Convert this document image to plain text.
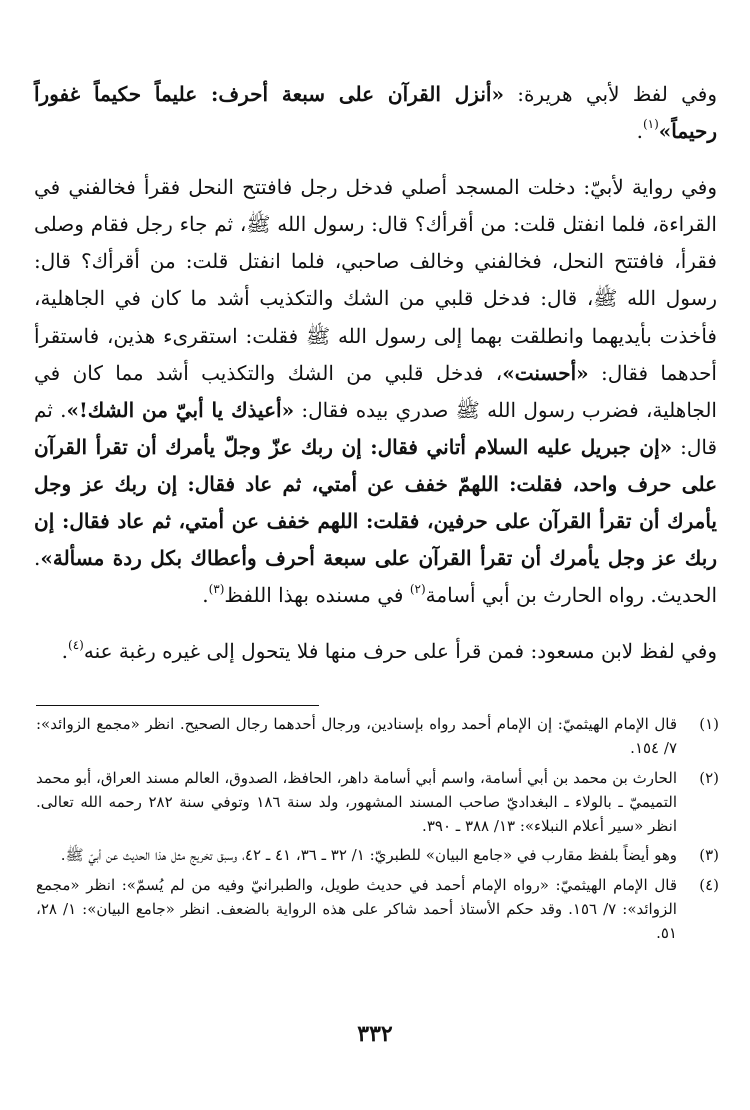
وفي لفظ لأبي هريرة: «أنزل القرآن على سبعة أحرف: عليماً حكيماً غفوراً رحيماً»$^{(١)}$.

وفي رواية لأبيّ: دخلت المسجد أصلي فدخل رجل فافتتح النحل فقرأ فخالفني في القراءة، فلما انفتل قلت: من أقرأك؟ قال: رسول الله ﷺ، ثم جاء رجل فقام وصلى فقرأ، فافتتح النحل، فخالفني وخالف صاحبي، فلما انفتل قلت: من أقرأك؟ قال: رسول الله ﷺ، قال: فدخل قلبي من الشك والتكذيب أشد ما كان في الجاهلية، فأخذت بأيديهما وانطلقت بهما إلى رسول الله ﷺ فقلت: استقرىء هذين، فاستقرأ أحدهما فقال: «أحسنت»، فدخل قلبي من الشك والتكذيب أشد مما كان في الجاهلية، فضرب رسول الله ﷺ صدري بيده فقال: «أعيذك يا أبيّ من الشك!». ثم قال: «إن جبريل عليه السلام أتاني فقال: إن ربك عزّ وجلّ يأمرك أن تقرأ القرآن على حرف واحد، فقلت: اللهمّ خفف عن أمتي، ثم عاد فقال: إن ربك عز وجل يأمرك أن تقرأ القرآن على حرفين، فقلت: اللهم خفف عن أمتي، ثم عاد فقال: إن ربك عز وجل يأمرك أن تقرأ القرآن على سبعة أحرف وأعطاك بكل ردة مسألة». الحديث. رواه الحارث بن أبي أسامة$^{(٢)}$ في مسنده بهذا اللفظ$^{(٣)}$.

وفي لفظ لابن مسعود: فمن قرأ على حرف منها فلا يتحول إلى غيره رغبة عنه$^{(٤)}$.

(١)
قال الإمام الهيثميّ: إن الإمام أحمد رواه بإسنادين، ورجال أحدهما رجال الصحيح. انظر «مجمع الزوائد»: ٧/ ١٥٤.
(٢)
الحارث بن محمد بن أبي أسامة، واسم أبي أسامة داهر، الحافظ، الصدوق، العالم مسند العراق، أبو محمد التميميّ ـ بالولاء ـ البغداديّ صاحب المسند المشهور، ولد سنة ١٨٦ وتوفي سنة ٢٨٢ رحمه الله تعالى. انظر «سير أعلام النبلاء»: ١٣/ ٣٨٨ ـ ٣٩٠.
(٣)
وهو أيضاً بلفظ مقارب في «جامع البيان» للطبريّ: ١/ ٣٢ ـ ٣٦، ٤١ ـ ٤٢، وسبق تخريج مثل هذا الحديث عن أبيّ ﷺ.
(٤)
قال الإمام الهيثميّ: «رواه الإمام أحمد في حديث طويل، والطبرانيّ وفيه من لم يُسمّ»: انظر «مجمع الزوائد»: ٧/ ١٥٦. وقد حكم الأستاذ أحمد شاكر على هذه الرواية بالضعف. انظر «جامع البيان»: ١/ ٢٨، ٥١.
٣٣٢
